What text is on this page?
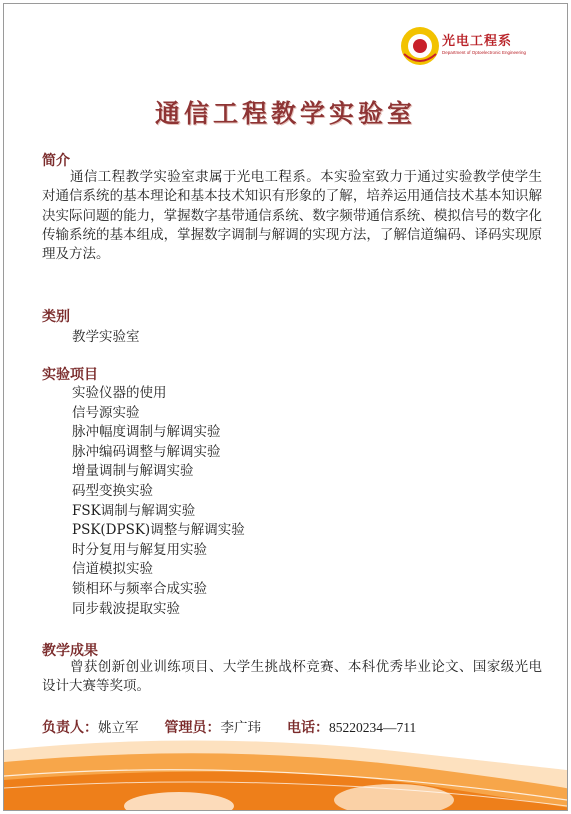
光电工程系
Department of Optoelectronic Engineering
通信工程教学实验室
简介

通信工程教学实验室隶属于光电工程系。本实验室致力于通过实验教学使学生对通信系统的基本理论和基本技术知识有形象的了解，培养运用通信技术基本知识解决实际问题的能力，掌握数字基带通信系统、数字频带通信系统、模拟信号的数字化传输系统的基本组成，掌握数字调制与解调的实现方法，了解信道编码、译码实现原理及方法。

类别
教学实验室
实验项目
实验仪器的使用
信号源实验
脉冲幅度调制与解调实验
脉冲编码调整与解调实验
增量调制与解调实验
码型变换实验
FSK调制与解调实验
PSK(DPSK)调整与解调实验
时分复用与解复用实验
信道模拟实验
锁相环与频率合成实验
同步载波提取实验
教学成果

曾获创新创业训练项目、大学生挑战杯竞赛、本科优秀毕业论文、国家级光电设计大赛等奖项。

负责人：姚立军 管理员：李广玮 电话：85220234—711
